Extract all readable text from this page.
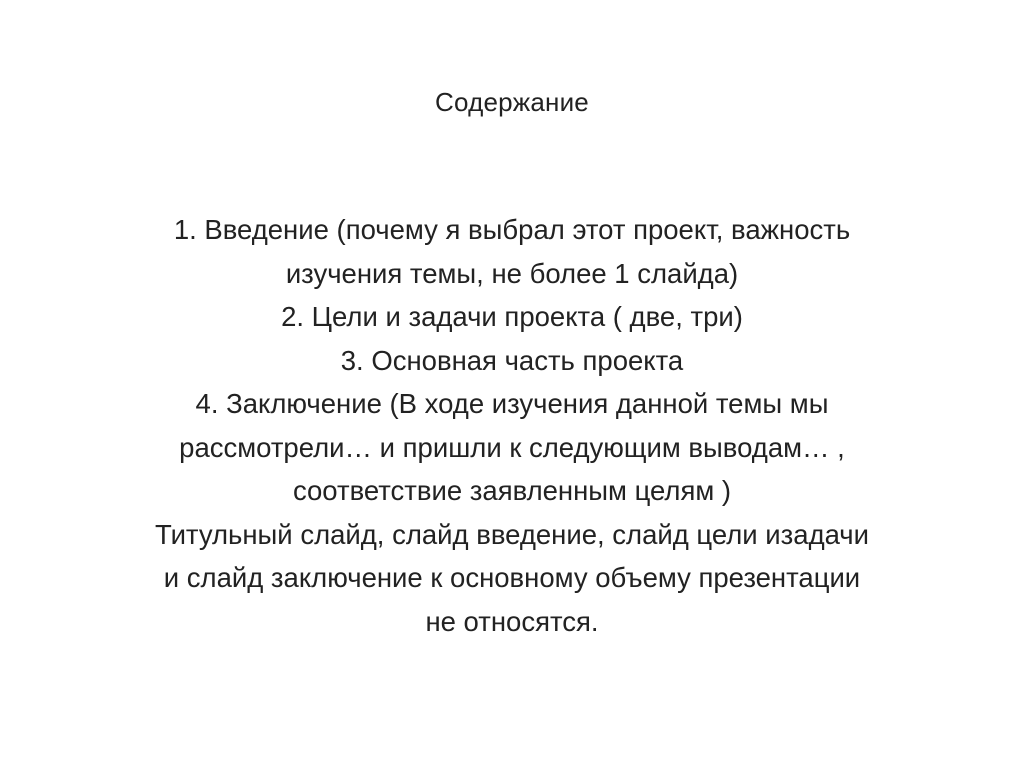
Содержание
1. Введение (почему я выбрал этот проект, важность
изучения темы, не более 1 слайда)
2. Цели и задачи проекта ( две, три)
3. Основная часть проекта
4. Заключение (В ходе изучения данной темы мы
рассмотрели… и пришли к следующим выводам… ,
соответствие заявленным целям )
Титульный слайд, слайд введение, слайд цели изадачи
и слайд заключение к основному объему презентации
не относятся.
